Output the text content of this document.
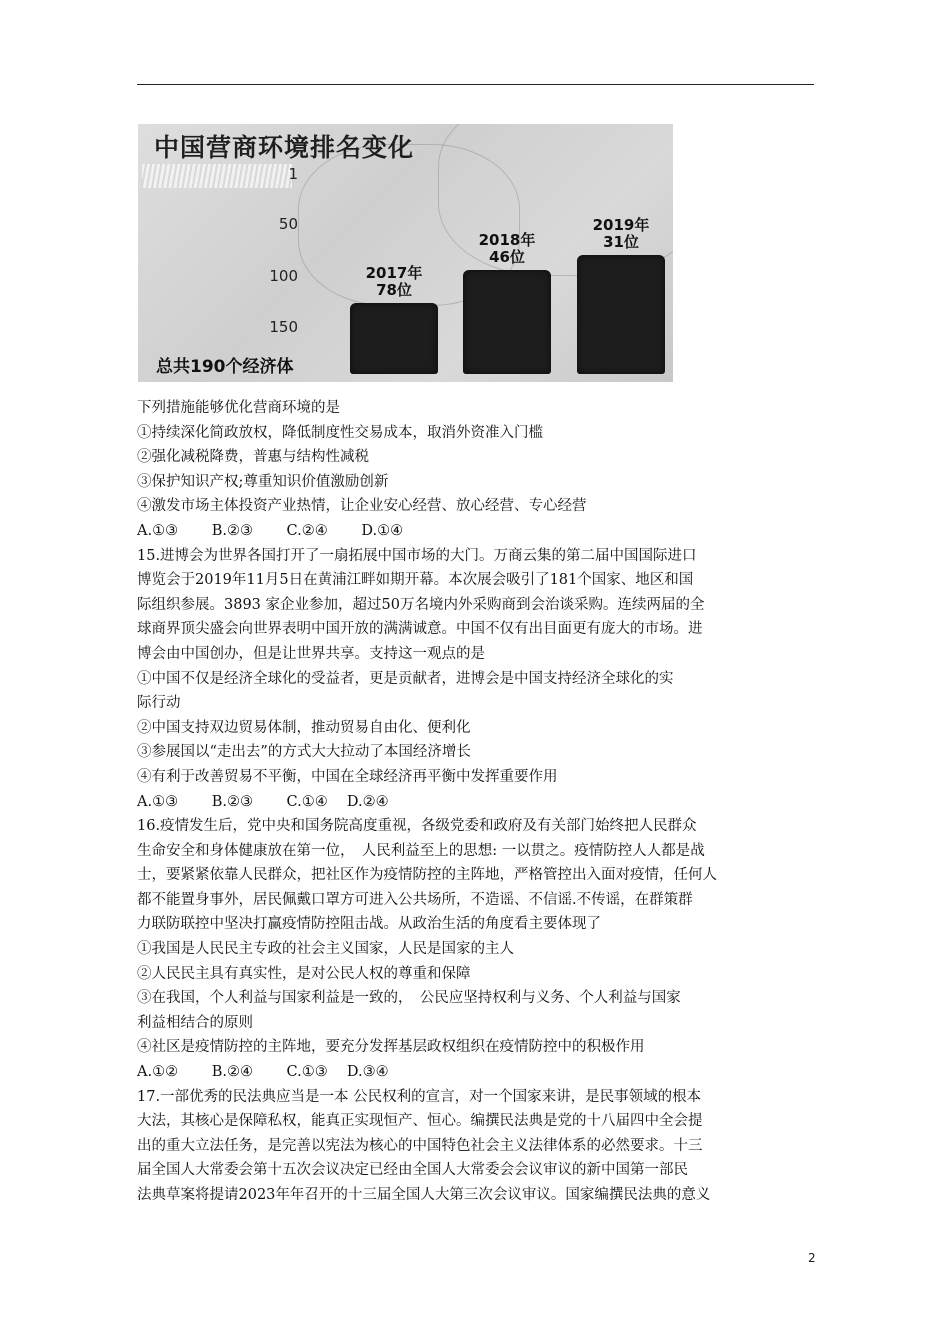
中国营商环境排名变化
1
50
100
150
2017年
78位
2018年
46位
2019年
31位
总共190个经济体
下列措施能够优化营商环境的是
①持续深化简政放权，降低制度性交易成本，取消外资准入门槛
②强化减税降费，普惠与结构性减税
③保护知识产权;尊重知识价值激励创新
④激发市场主体投资产业热情，让企业安心经营、放心经营、专心经营
A.①③　　 B.②③　　 C.②④　　 D.①④
15.进博会为世界各国打开了一扇拓展中国市场的大门。万商云集的第二届中国国际进口
博览会于2019年11月5日在黄浦江畔如期开幕。本次展会吸引了181个国家、地区和国
际组织参展。3893 家企业参加，超过50万名境内外采购商到会治谈采购。连续两届的全
球商界顶尖盛会向世界表明中国开放的满满诚意。中国不仅有出目面更有庞大的市场。进
博会由中国创办，但是让世界共享。支持这一观点的是
①中国不仅是经济全球化的受益者，更是贡献者，进博会是中国支持经济全球化的实
际行动
②中国支持双边贸易体制，推动贸易自由化、便利化
③参展国以“走出去”的方式大大拉动了本国经济增长
④有利于改善贸易不平衡，中国在全球经济再平衡中发挥重要作用
A.①③　　 B.②③　　 C.①④　 D.②④
16.疫情发生后，党中央和国务院高度重视，各级党委和政府及有关部门始终把人民群众
生命安全和身体健康放在第一位，　人民利益至上的思想: 一以贯之。疫情防控人人都是战
士，要紧紧依靠人民群众，把社区作为疫情防控的主阵地，严格管控出入面对疫情，任何人
都不能置身事外，居民佩戴口罩方可进入公共场所，不造谣、不信谣.不传谣，在群策群
力联防联控中坚决打赢疫情防控阻击战。从政治生活的角度看主要体现了
①我国是人民民主专政的社会主义国家，人民是国家的主人
②人民民主具有真实性，是对公民人权的尊重和保障
③在我国，个人利益与国家利益是一致的，　公民应坚持权利与义务、个人利益与国家
利益相结合的原则
④社区是疫情防控的主阵地，要充分发挥基层政权组织在疫情防控中的积极作用
A.①②　　 B.②④　　 C.①③　 D.③④
17.一部优秀的民法典应当是一本 公民权利的宣言，对一个国家来讲，是民事领域的根本
大法，其核心是保障私权，能真正实现恒产、恒心。编撰民法典是党的十八届四中全会提
出的重大立法任务，是完善以宪法为核心的中国特色社会主义法律体系的必然要求。十三
届全国人大常委会第十五次会议决定已经由全国人大常委会会议审议的新中国第一部民
法典草案将提请2023年年召开的十三届全国人大第三次会议审议。国家编撰民法典的意义
2
